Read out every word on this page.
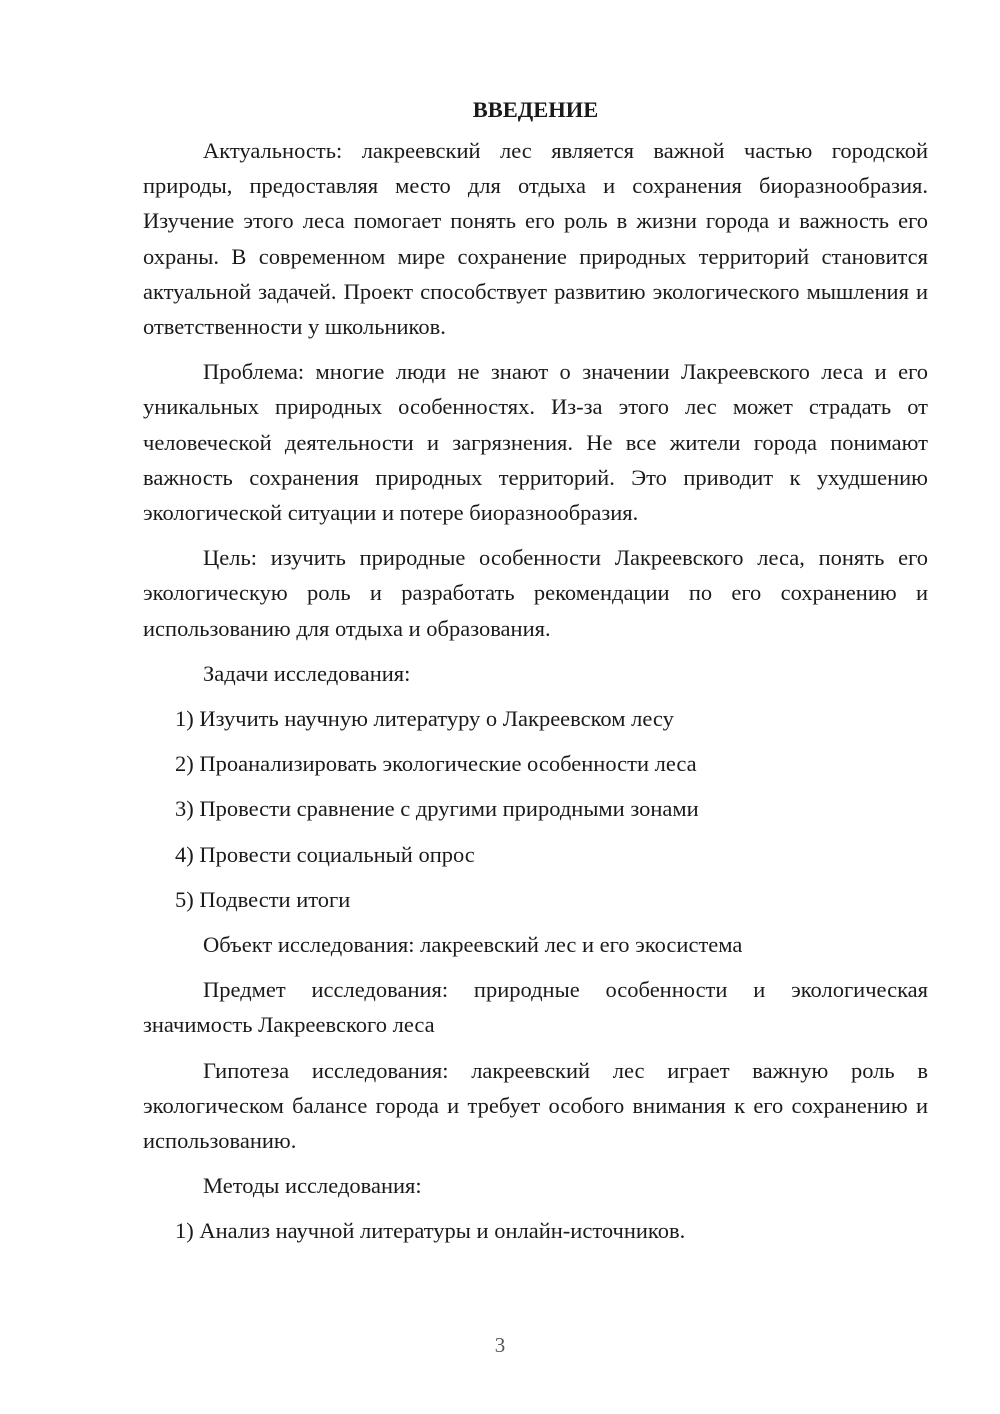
ВВЕДЕНИЕ

Актуальность: лакреевский лес является важной частью городской природы, предоставляя место для отдыха и сохранения биоразнообразия. Изучение этого леса помогает понять его роль в жизни города и важность его охраны. В современном мире сохранение природных территорий становится актуальной задачей. Проект способствует развитию экологического мышления и ответственности у школьников.

Проблема: многие люди не знают о значении Лакреевского леса и его уникальных природных особенностях. Из-за этого лес может страдать от человеческой деятельности и загрязнения. Не все жители города понимают важность сохранения природных территорий. Это приводит к ухудшению экологической ситуации и потере биоразнообразия.

Цель: изучить природные особенности Лакреевского леса, понять его экологическую роль и разработать рекомендации по его сохранению и использованию для отдыха и образования.

Задачи исследования:
1) Изучить научную литературу о Лакреевском лесу
2) Проанализировать экологические особенности леса
3) Провести сравнение с другими природными зонами
4) Провести социальный опрос
5) Подвести итоги
Объект исследования: лакреевский лес и его экосистема

Предмет исследования: природные особенности и экологическая значимость Лакреевского леса

Гипотеза исследования: лакреевский лес играет важную роль в экологическом балансе города и требует особого внимания к его сохранению и использованию.

Методы исследования:
1) Анализ научной литературы и онлайн-источников.
3
